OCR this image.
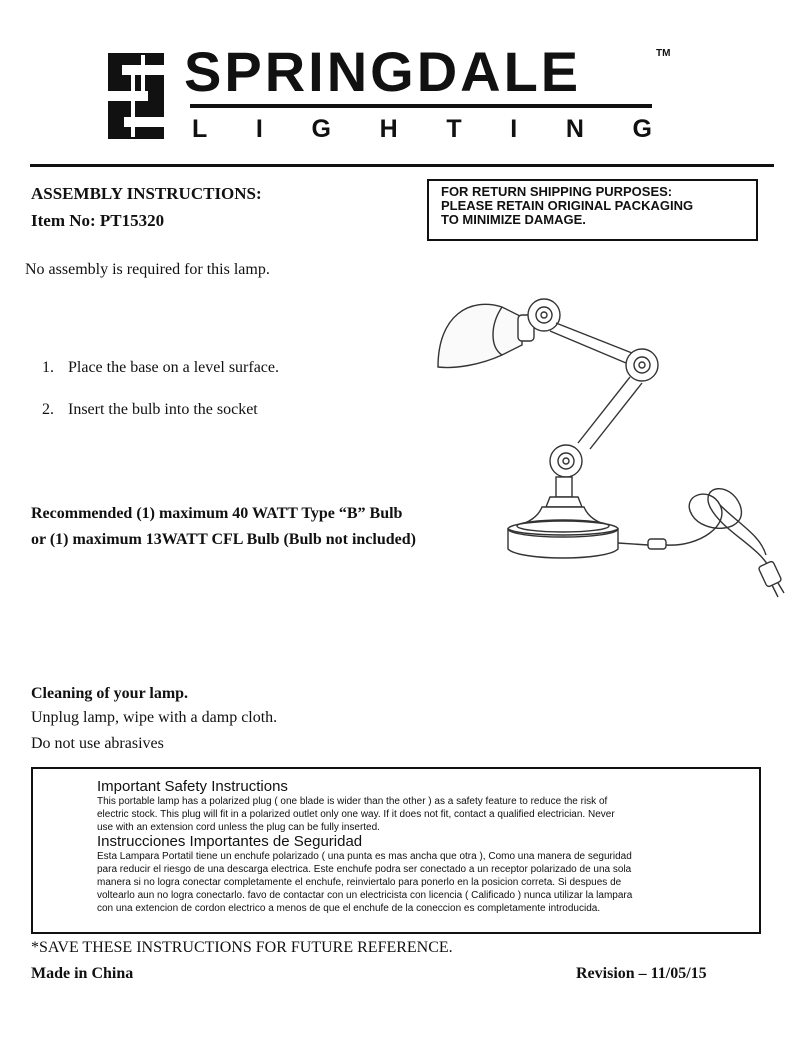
SPRINGDALE	TM
L I G H T I N G
ASSEMBLY INSTRUCTIONS:
Item No: PT15320
FOR RETURN SHIPPING PURPOSES:
PLEASE RETAIN ORIGINAL PACKAGING
TO MINIMIZE DAMAGE.
No assembly is required for this lamp.
1. Place the base on a level surface.
2. Insert the bulb into the socket
Recommended (1) maximum 40 WATT Type “B” Bulb
or (1) maximum 13WATT CFL Bulb (Bulb not included)
Cleaning of your lamp.
Unplug lamp, wipe with a damp cloth.
Do not use abrasives
Important Safety Instructions
This portable lamp has a polarized plug ( one blade is wider than the other ) as a safety feature to reduce the risk of
electric stock. This plug will fit in a polarized outlet only one way. If it does not fit, contact a qualified electrician. Never
use with an extension cord unless the plug can be fully inserted.
Instrucciones Importantes de Seguridad
Esta Lampara Portatil tiene un enchufe polarizado ( una punta es mas ancha que otra ), Como una manera de seguridad
para reducir el riesgo de una descarga electrica. Este enchufe podra ser conectado a un receptor polarizado de una sola
manera si no logra conectar completamente el enchufe, reinviertalo para ponerlo en la posicion correta. Si despues de
voltearlo aun no logra conectarlo. favo de contactar con un electricista con licencia ( Calificado ) nunca utilizar la lampara
con una extencion de cordon electrico a menos de que el enchufe de la coneccion es completamente introducida.
*SAVE THESE INSTRUCTIONS FOR FUTURE REFERENCE.
Made in China	Revision – 11/05/15
